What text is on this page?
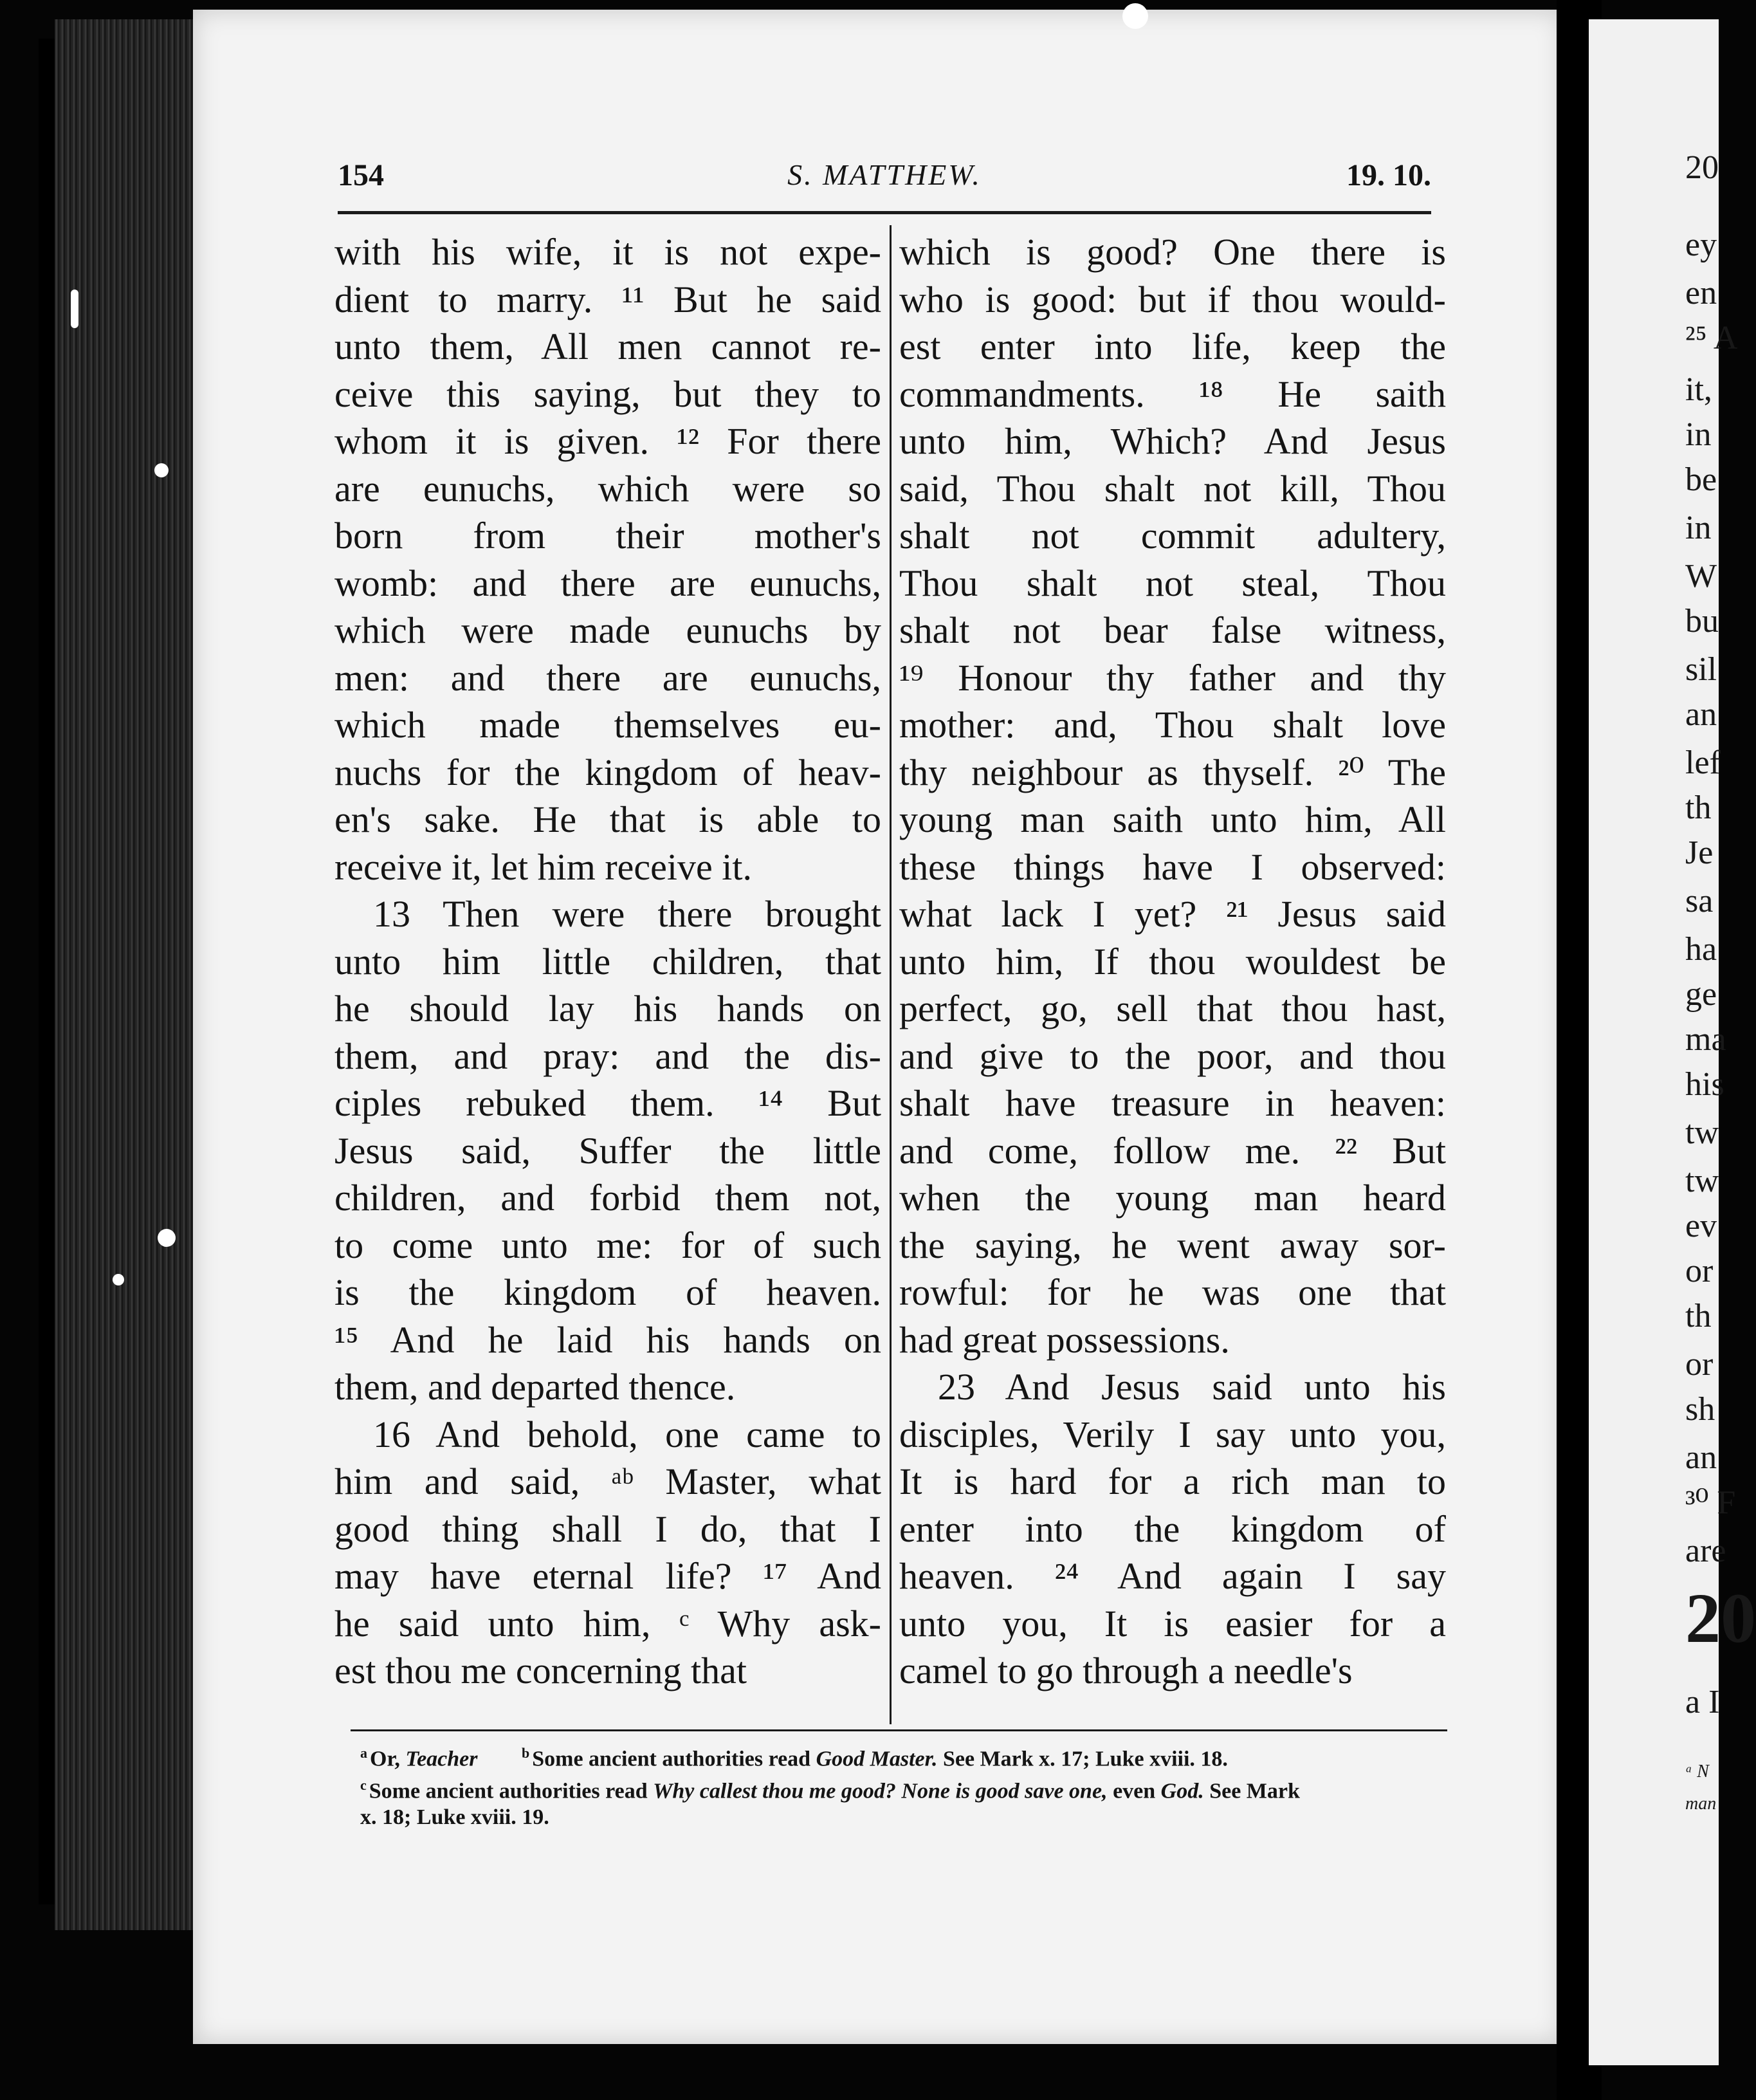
20
ey
en
²⁵ A
it,
in
be
in
W
bu
sil
an
lef
th
Je
sa
ha
ge
ma
his
tw
tw
ev
or
th
or
sh
an
³⁰ F
are
20
a I
ᵃ N
man
154	S. MATTHEW.	19. 10.
with his wife, it is not expe-
dient to marry. ¹¹ But he said
unto them, All men cannot re-
ceive this saying, but they to
whom it is given. ¹² For there
are eunuchs, which were so
born from their mother's
womb: and there are eunuchs,
which were made eunuchs by
men: and there are eunuchs,
which made themselves eu-
nuchs for the kingdom of heav-
en's sake. He that is able to
receive it, let him receive it.
13 Then were there brought
unto him little children, that
he should lay his hands on
them, and pray: and the dis-
ciples rebuked them. ¹⁴ But
Jesus said, Suffer the little
children, and forbid them not,
to come unto me: for of such
is the kingdom of heaven.
¹⁵ And he laid his hands on
them, and departed thence.
16 And behold, one came to
him and said, ᵃᵇ Master, what
good thing shall I do, that I
may have eternal life? ¹⁷ And
he said unto him, ᶜ Why ask-
est thou me concerning that
which is good? One there is
who is good: but if thou would-
est enter into life, keep the
commandments. ¹⁸ He saith
unto him, Which? And Jesus
said, Thou shalt not kill, Thou
shalt not commit adultery,
Thou shalt not steal, Thou
shalt not bear false witness,
¹⁹ Honour thy father and thy
mother: and, Thou shalt love
thy neighbour as thyself. ²⁰ The
young man saith unto him, All
these things have I observed:
what lack I yet? ²¹ Jesus said
unto him, If thou wouldest be
perfect, go, sell that thou hast,
and give to the poor, and thou
shalt have treasure in heaven:
and come, follow me. ²² But
when the young man heard
the saying, he went away sor-
rowful: for he was one that
had great possessions.
23 And Jesus said unto his
disciples, Verily I say unto you,
It is hard for a rich man to
enter into the kingdom of
heaven. ²⁴ And again I say
unto you, It is easier for a
camel to go through a needle's
$^a$ Or, Teacher	$^b$ Some ancient authorities read Good Master. See Mark x. 17; Luke xviii. 18.
$^c$ Some ancient authorities read Why callest thou me good? None is good save one, even God. See Mark
x. 18; Luke xviii. 19.
